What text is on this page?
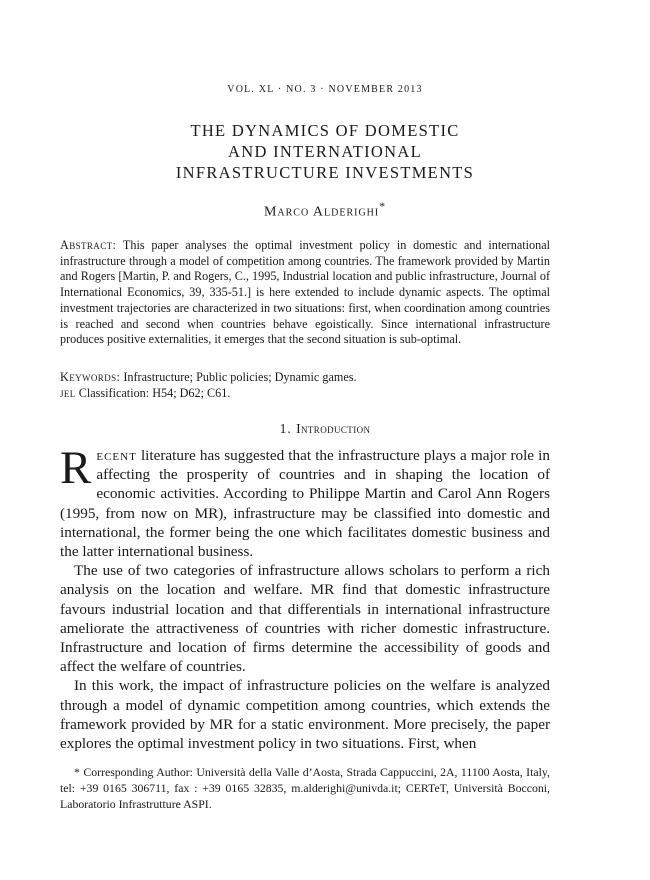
VOL. XL · NO. 3 · NOVEMBER 2013
THE DYNAMICS OF DOMESTIC
AND INTERNATIONAL
INFRASTRUCTURE INVESTMENTS
Marco Alderighi*

Abstract: This paper analyses the optimal investment policy in domestic and international infrastructure through a model of competition among countries. The framework provided by Martin and Rogers [Martin, P. and Rogers, C., 1995, Industrial location and public infrastructure, Journal of International Economics, 39, 335-51.] is here extended to include dynamic aspects. The optimal investment trajectories are characterized in two situations: first, when coordination among countries is reached and second when countries behave egoistically. Since international infrastructure produces positive externalities, it emerges that the second situation is sub-optimal.

Keywords: Infrastructure; Public policies; Dynamic games.
jel Classification: H54; D62; C61.
1. Introduction

Recent literature has suggested that the infrastructure plays a major role in affecting the prosperity of countries and in shaping the location of economic activities. According to Philippe Martin and Carol Ann Rogers (1995, from now on MR), infrastructure may be classified into domestic and international, the former being the one which facilitates domestic business and the latter international business.

The use of two categories of infrastructure allows scholars to perform a rich analysis on the location and welfare. MR find that domestic infrastructure favours industrial location and that differentials in international infrastructure ameliorate the attractiveness of countries with richer domestic infrastructure. Infrastructure and location of firms determine the accessibility of goods and affect the welfare of countries.

In this work, the impact of infrastructure policies on the welfare is analyzed through a model of dynamic competition among countries, which extends the framework provided by MR for a static environment. More precisely, the paper explores the optimal investment policy in two situations. First, when

* Corresponding Author: Università della Valle d’Aosta, Strada Cappuccini, 2A, 11100 Aosta, Italy, tel: +39 0165 306711, fax : +39 0165 32835, m.alderighi@univda.it; CERTeT, Università Bocconi, Laboratorio Infrastrutture ASPI.
